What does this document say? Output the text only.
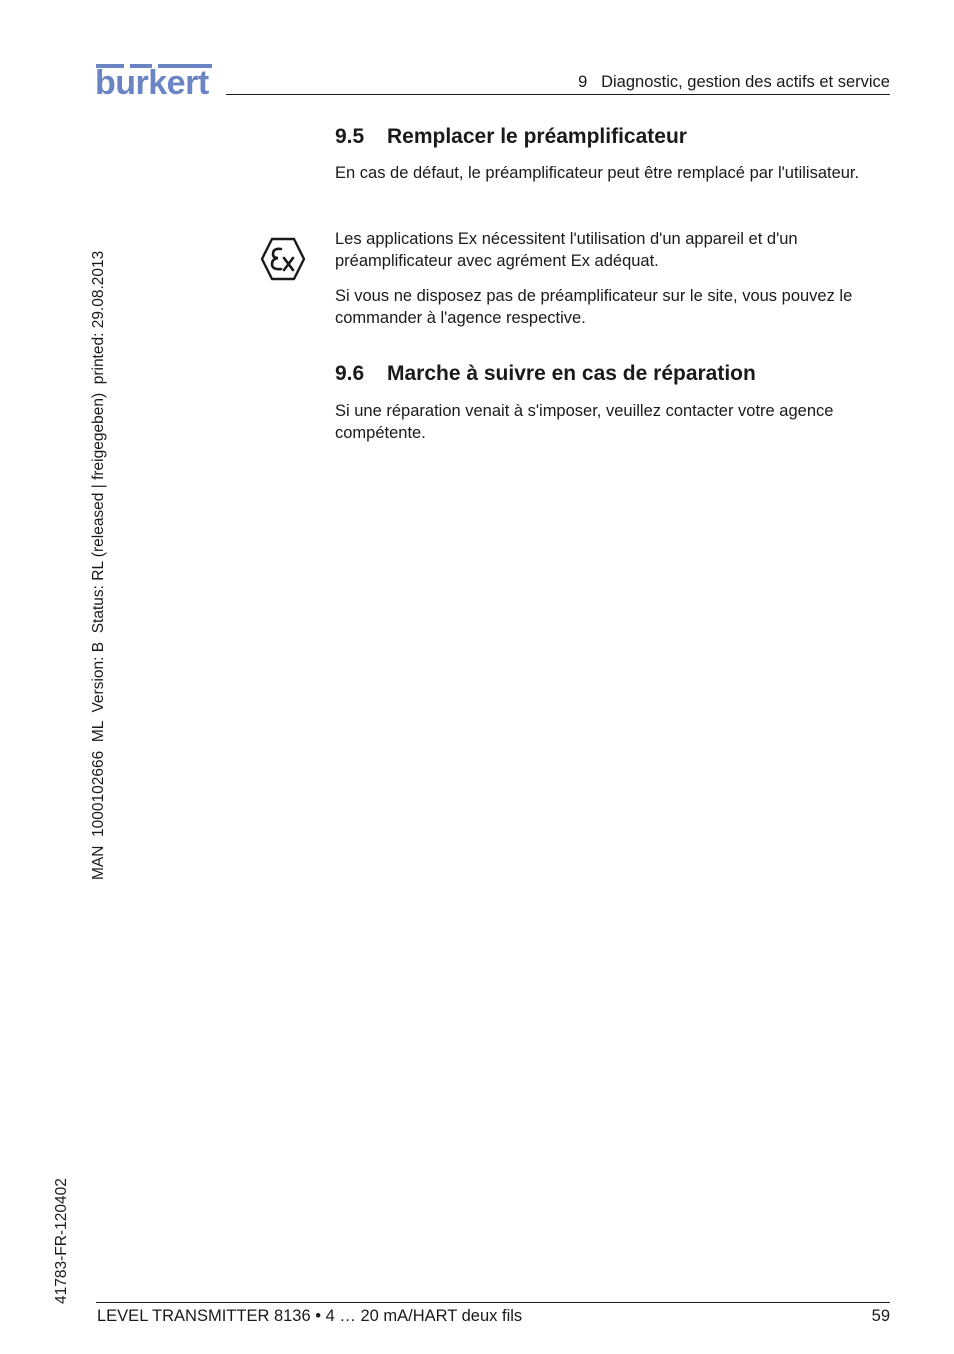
burkert	9   Diagnostic, gestion des actifs et service
MAN  1000102666  ML  Version: B  Status: RL (released | freigegeben)  printed: 29.08.2013
41783-FR-120402
9.5 Remplacer le préamplificateur

En cas de défaut, le préamplificateur peut être remplacé par l'utilisateur.

Les applications Ex nécessitent l'utilisation d'un appareil et d'un préamplificateur avec agrément Ex adéquat.

Si vous ne disposez pas de préamplificateur sur le site, vous pouvez le commander à l'agence respective.

9.6 Marche à suivre en cas de réparation

Si une réparation venait à s'imposer, veuillez contacter votre agence compétente.

LEVEL TRANSMITTER 8136 • 4 … 20 mA/HART deux fils	59
